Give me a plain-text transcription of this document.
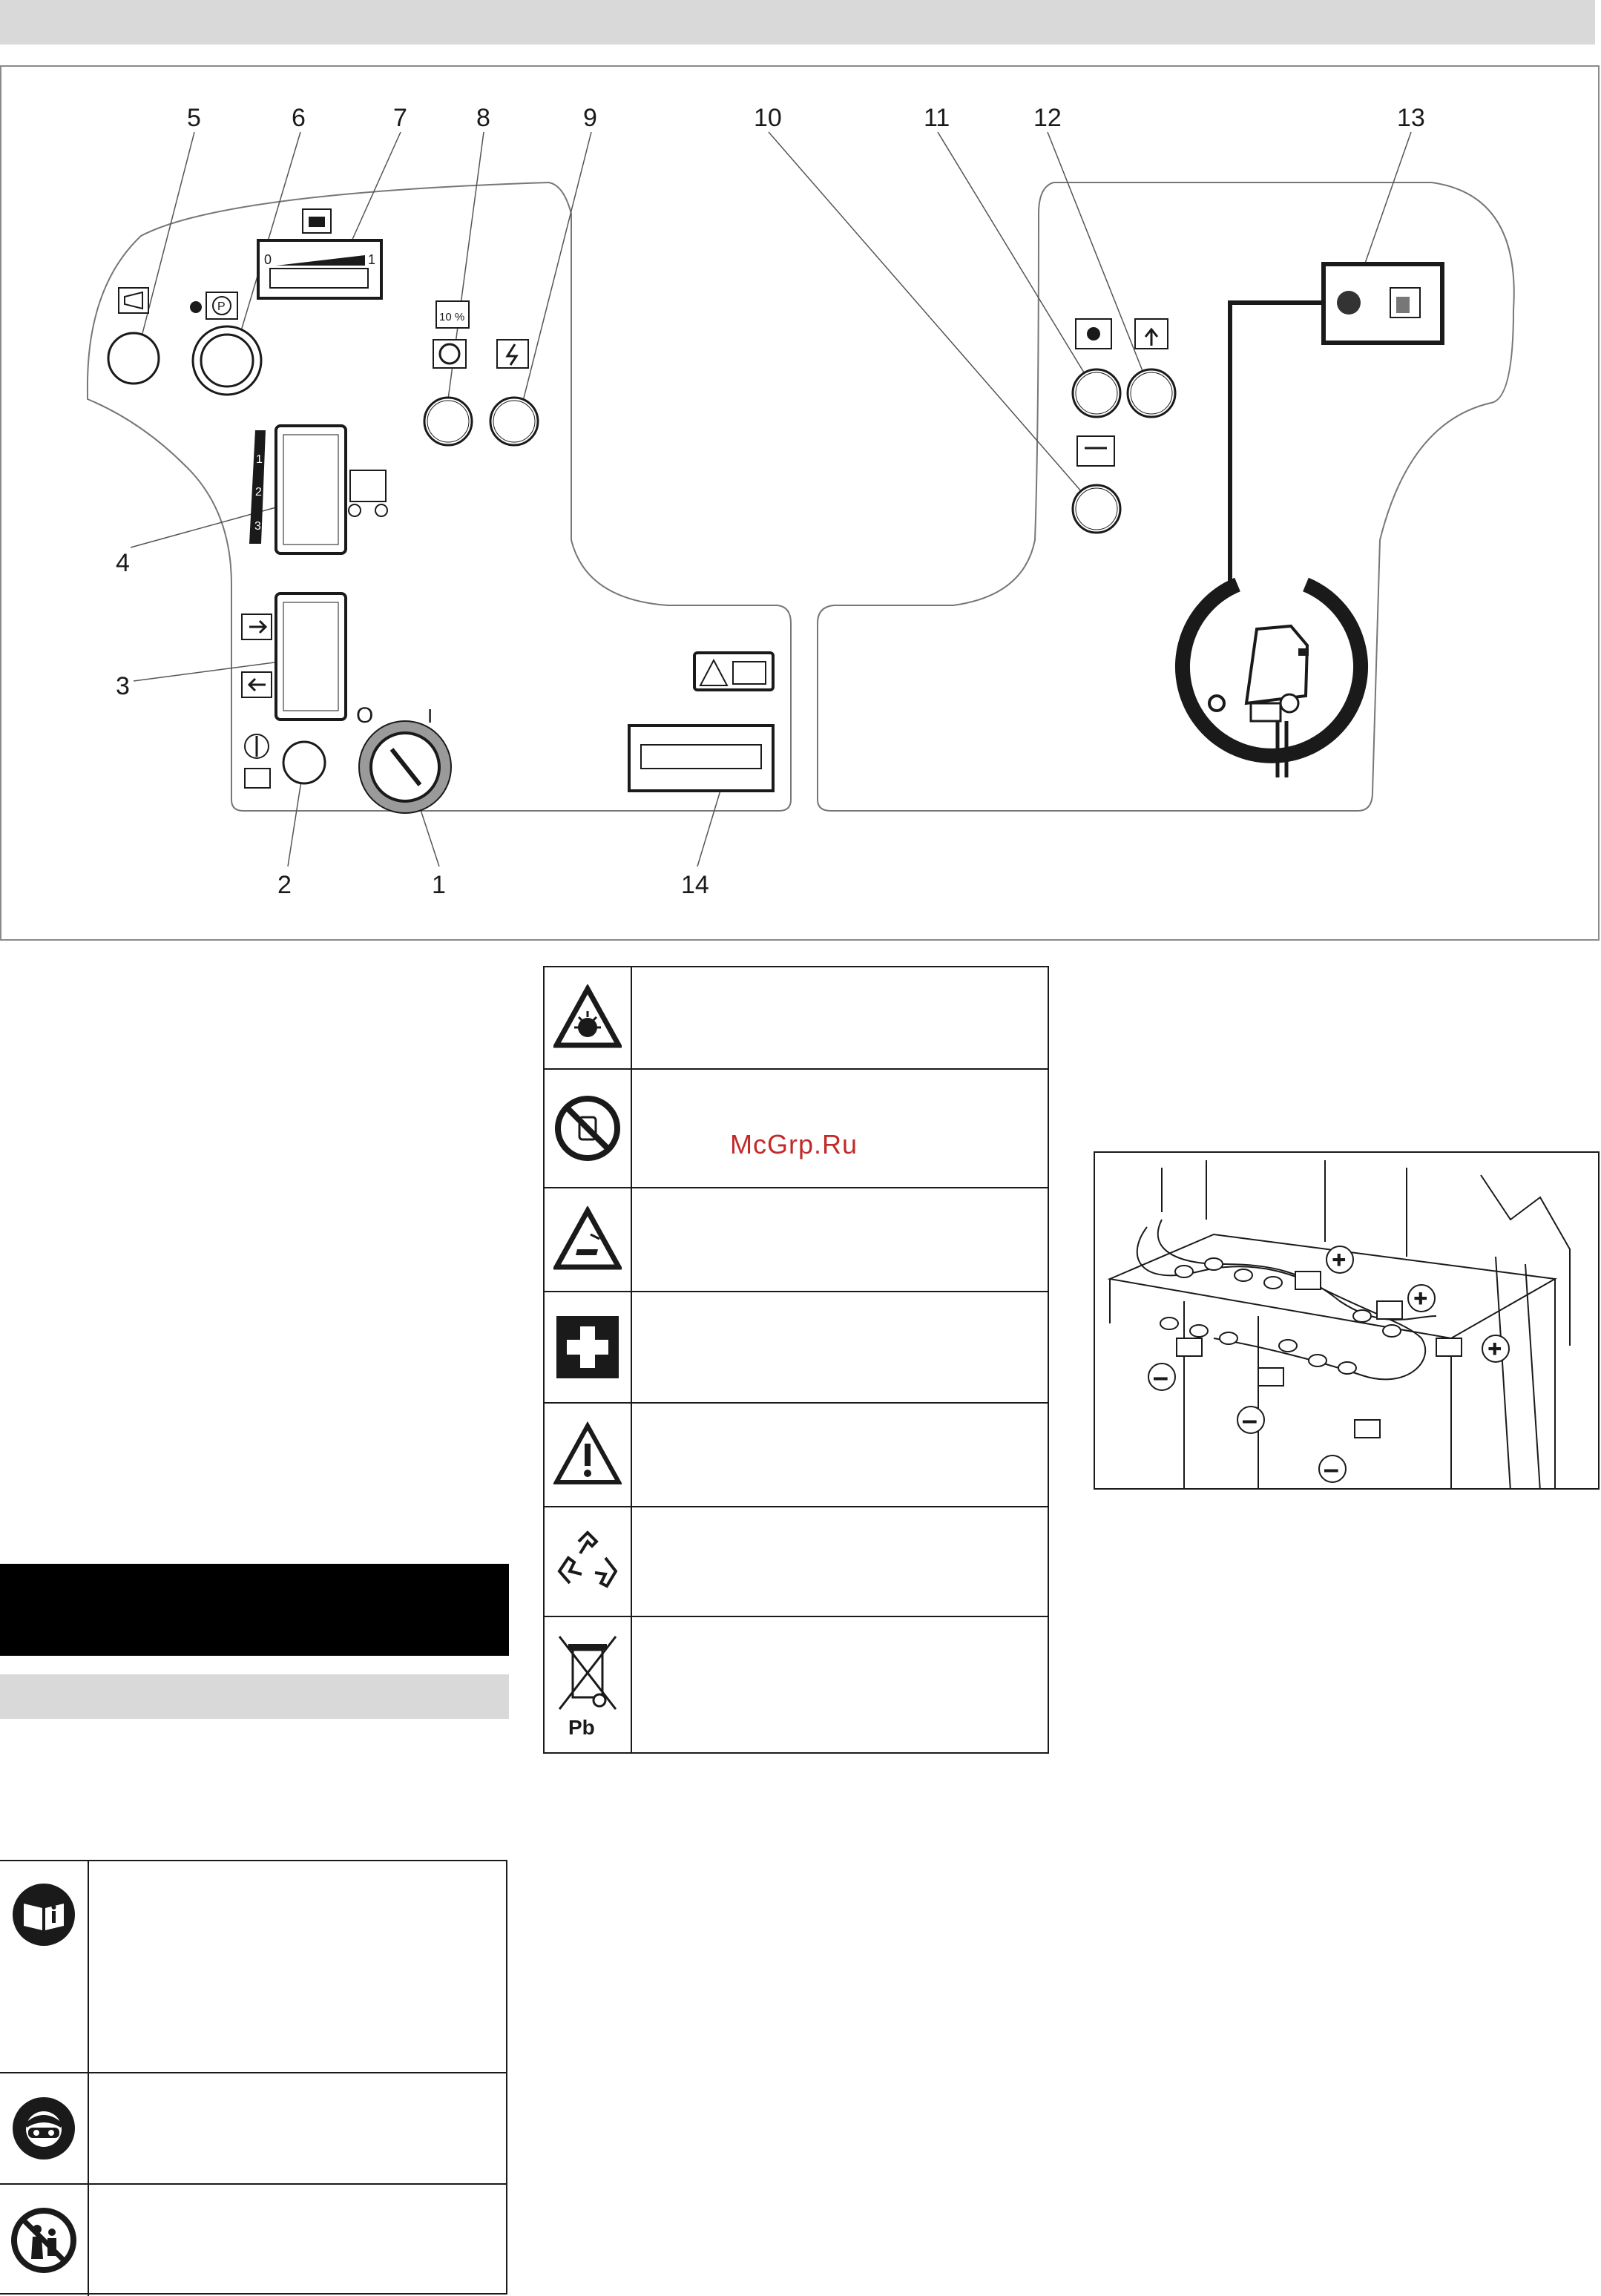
5	6	7	8	9	10	11	12	13
4
3
2	1	14
P
0	1
10 %
1
2
3
O	I
Pb
McGrp.Ru
+
+
+
–
–
–
